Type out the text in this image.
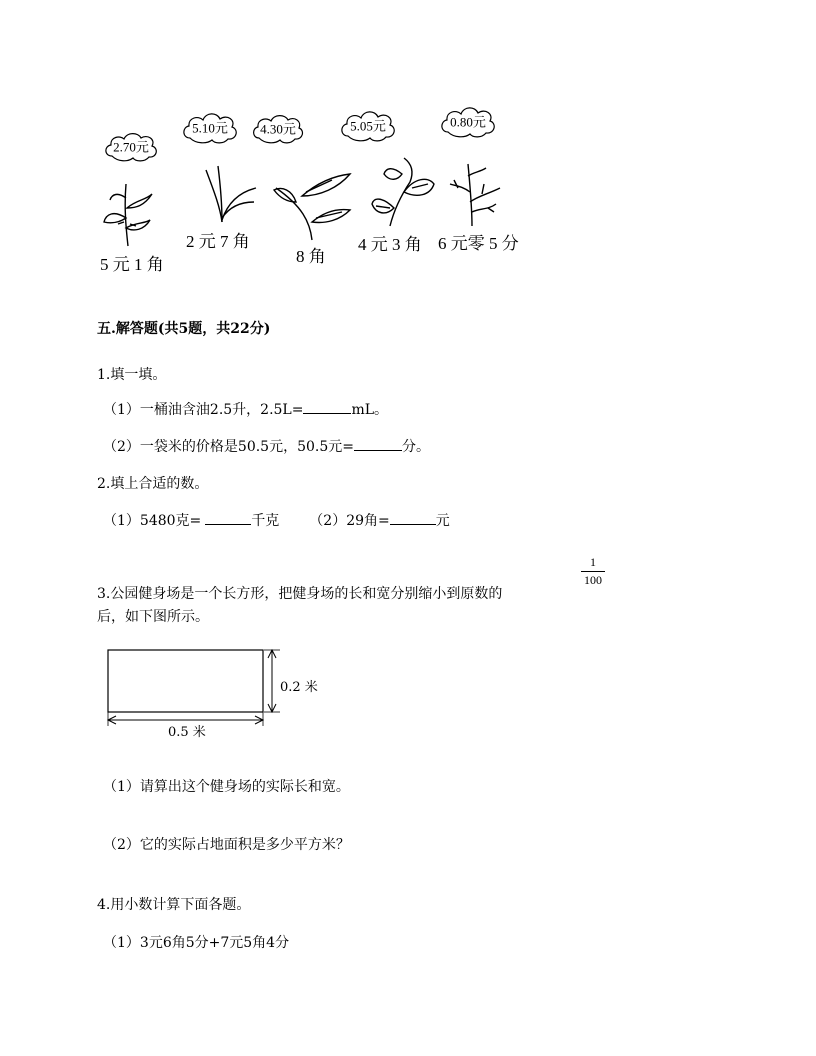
2.70元
5.10元	4.30元	5.05元	0.80元
5 元 1 角
2 元 7 角
8 角
4 元 3 角 6 元零 5 分
五.解答题(共5题，共22分)
1.填一填。
（1）一桶油含油2.5升，2.5L=	mL。
（2）一袋米的价格是50.5元，50.5元=	分。
2.填上合适的数。
（1）5480克=	千克 （2）29角=	元
1
100
3.公园健身场是一个长方形，把健身场的长和宽分别缩小到原数的
后，如下图所示。
0.2 米
0.5 米
（1）请算出这个健身场的实际长和宽。
（2）它的实际占地面积是多少平方米？
4.用小数计算下面各题。
（1）3元6角5分+7元5角4分
